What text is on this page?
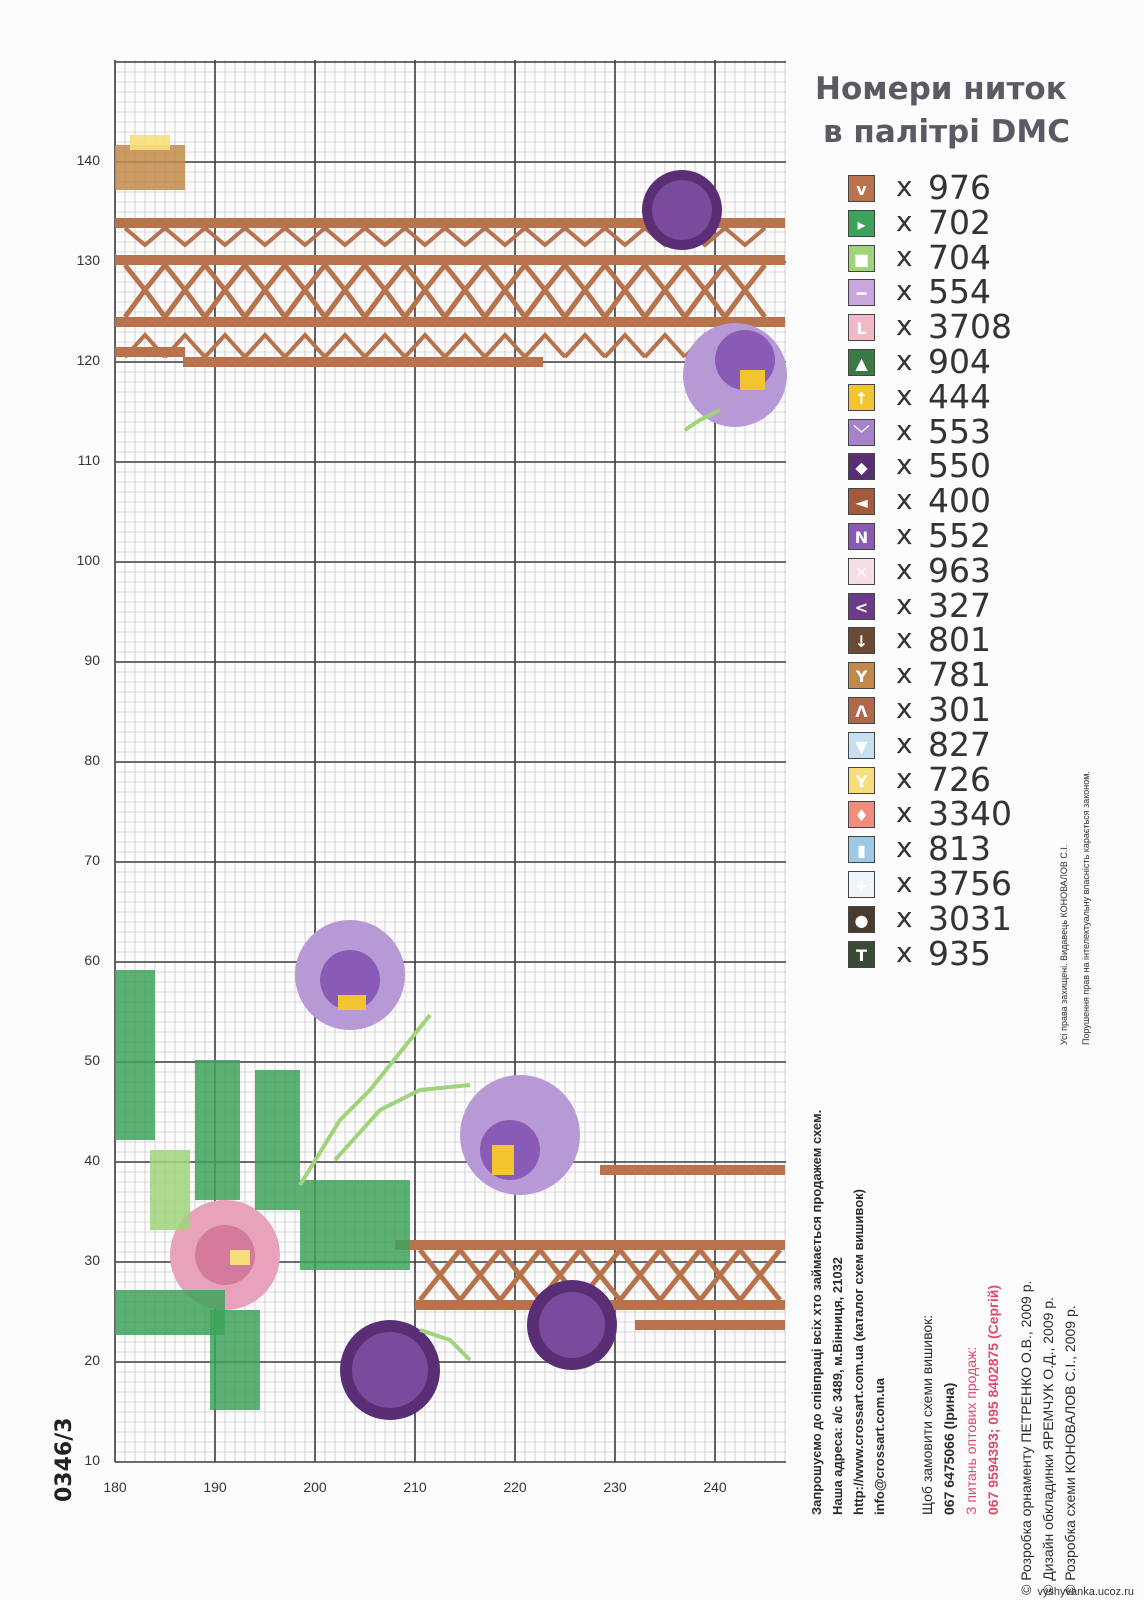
180	190	200	210	220	230	240
140
130
120
110
100
90
80
70
60
50
40
30
20
10
Номери ниток
в палітрі DMC
v x 976
▸	x 702
■ x 704
━	x 554
L	x 3708
▲ x 904
↑ x 444
﹀ x 553
◆ x 550
◄ x 400
N x 552
✕ x 963
< x 327
↓ x 801
Y x 781
Λ x 301
▼ x 827
Y x 726
♦ x 3340
▮	x 813
+ x 3756
● x 3031
T x 935
0346/3	Запрошуємо до співпраці всіх хто займається продажем схем. Наша адреса: а/с 3489, м.Вінниця, 21032 http://www.crossart.com.ua (каталог схем вишивок) info@crossart.com.ua Щоб замовити схеми вишивок: 067 6475066 (Ірина) З питань оптових продаж: 067 9594393; 095 8402875 (Сергій) © Розробка орнаменту ПЕТРЕНКО О.В., 2009 р. © Дизайн обкладинки ЯРЕМЧУК О.Д., 2009 р. © Розробка схеми КОНОВАЛОВ С.І., 2009 р.
Усі права захищені. Видавець КОНОВАЛОВ С.І.	Порушення прав на інтелектуальну власність карається законом.
vyshyvanka.ucoz.ru
